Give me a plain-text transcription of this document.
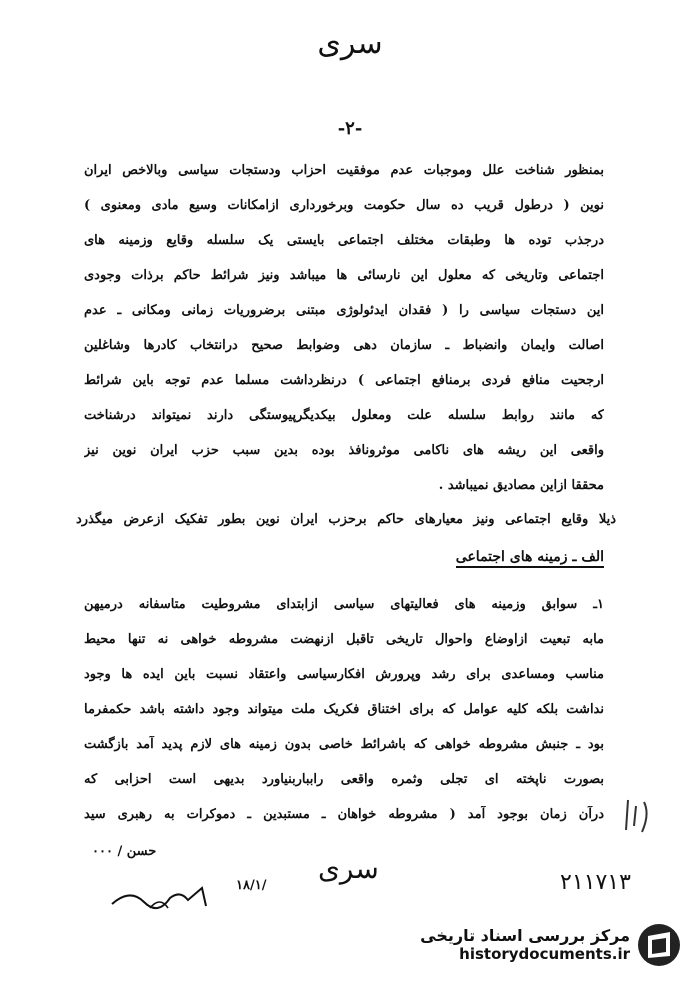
سری
-۲-
بمنظور شناخت علل وموجبات عدم موفقیت احزاب ودستجات سیاسی وبالاخص ایران
نوین ( درطول قریب ده سال حکومت وبرخورداری ازامکانات وسیع مادی ومعنوی )
درجذب توده ها وطبقات مختلف اجتماعی بایستی یک سلسله وقایع وزمینه های
اجتماعی وتاریخی که معلول این نارسائی ها میباشد ونیز شرائط حاکم برذات وجودی
این دستجات سیاسی را ( فقدان ایدئولوژی مبتنی برضروریات زمانی ومکانی ـ عدم
اصالت وایمان وانضباط ـ سازمان دهی وضوابط صحیح درانتخاب کادرها وشاغلین
ارجحیت منافع فردی برمنافع اجتماعی ) درنظرداشت مسلما عدم توجه باین شرائط
که مانند روابط سلسله علت ومعلول بیکدیگرپیوستگی دارند نمیتواند درشناخت
واقعی این ریشه های ناکامی موثرونافذ بوده بدین سبب حزب ایران نوین نیز
محققا ازاین مصادیق نمیباشد .
ذیلا وقایع اجتماعی ونیز معیارهای حاکم برحزب ایران نوین بطور تفکیک ازعرض میگذرد
الف ـ زمینه های اجتماعی
۱ـ سوابق وزمینه های فعالیتهای سیاسی ازابتدای مشروطیت متاسفانه درمیهن
مابه تبعیت ازاوضاع واحوال تاریخی تاقبل ازنهضت مشروطه خواهی نه تنها محیط
مناسب ومساعدی برای رشد وپرورش افکارسیاسی واعتقاد نسبت باین ایده ها وجود
نداشت بلکه کلیه عوامل که برای اختناق فکریک ملت میتواند وجود داشته باشد حکمفرما
بود ـ جنبش مشروطه خواهی که باشرائط خاصی بدون زمینه های لازم پدید آمد بازگشت
بصورت ناپخته ای تجلی وثمره واقعی رابباربنیاورد بدیهی است احزابی که
درآن زمان بوجود آمد ( مشروطه خواهان ـ مستبدین ـ دموکرات به رهبری سید
حسن / ۰۰۰
۱۸/۱/
سری	۲۱۱۷۱۳
مرکز بررسی اسناد تاریخی
historydocuments.ir
